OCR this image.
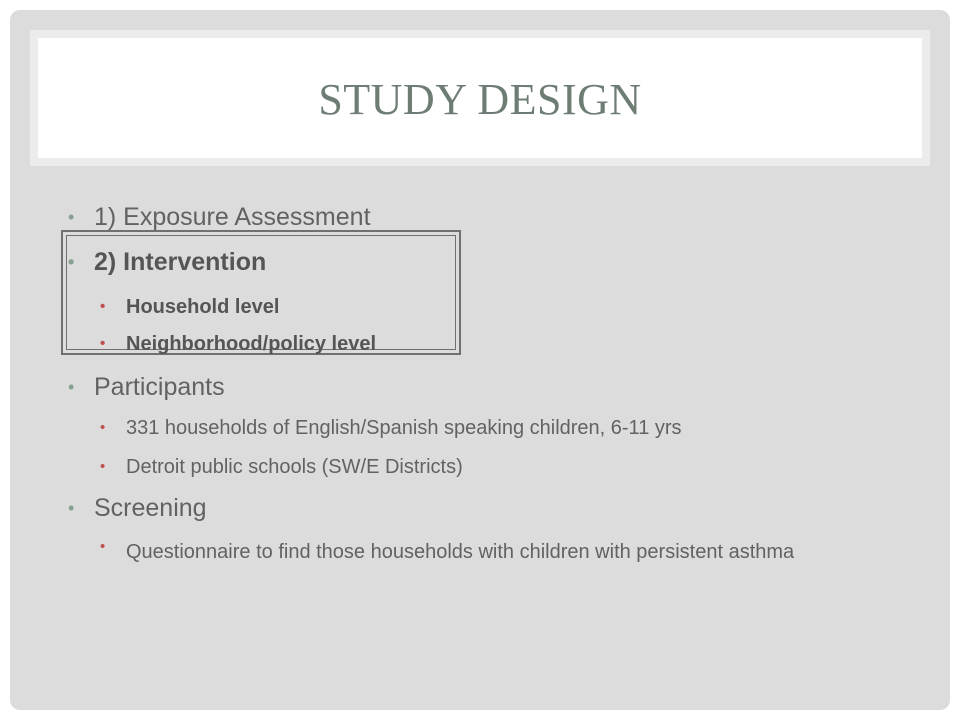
STUDY DESIGN
• 1) Exposure Assessment
• 2) Intervention
• Household level
• Neighborhood/policy level
• Participants
• 331 households of English/Spanish speaking children, 6-11 yrs
• Detroit public schools (SW/E Districts)
• Screening
• Questionnaire to find those households with children with persistent asthma
